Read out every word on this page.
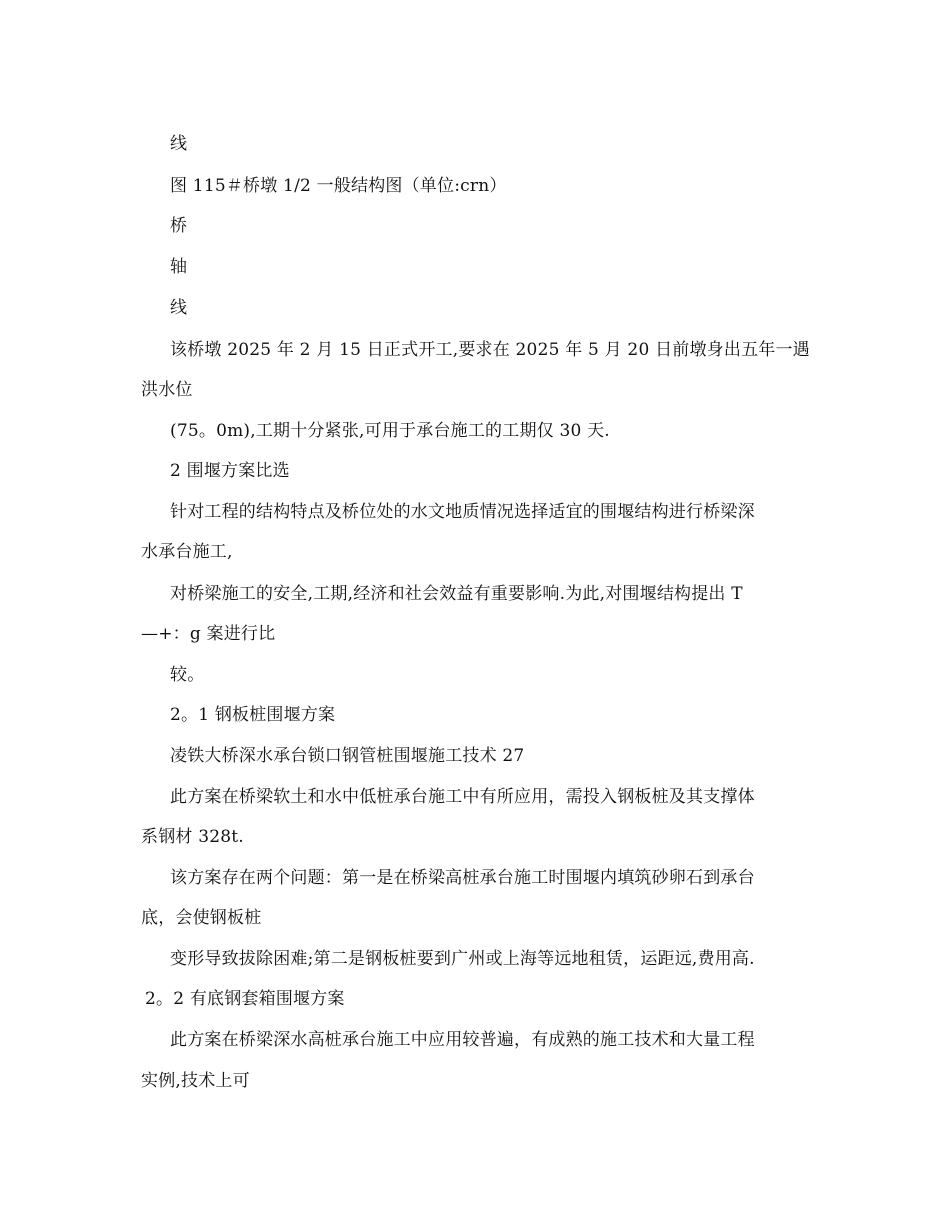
线
图 115＃桥墩 1/2 一般结构图（单位:crn）
桥
轴
线
该桥墩 2025 年 2 月 15 日正式开工,要求在 2025 年 5 月 20 日前墩身出五年一遇
洪水位
(75。0m),工期十分紧张,可用于承台施工的工期仅 30 天.
2 围堰方案比选
针对工程的结构特点及桥位处的水文地质情况选择适宜的围堰结构进行桥梁深
水承台施工,
对桥梁施工的安全,工期,经济和社会效益有重要影响.为此,对围堰结构提出 T
—+：g 案进行比
较。
2。1 钢板桩围堰方案
凌铁大桥深水承台锁口钢管桩围堰施工技术 27
此方案在桥梁软土和水中低桩承台施工中有所应用，需投入钢板桩及其支撑体
系钢材 328t.
该方案存在两个问题：第一是在桥梁高桩承台施工时围堰内填筑砂卵石到承台
底，会使钢板桩
变形导致拔除困难;第二是钢板桩要到广州或上海等远地租赁，运距远,费用高.
2。2 有底钢套箱围堰方案
此方案在桥梁深水高桩承台施工中应用较普遍，有成熟的施工技术和大量工程
实例,技术上可
